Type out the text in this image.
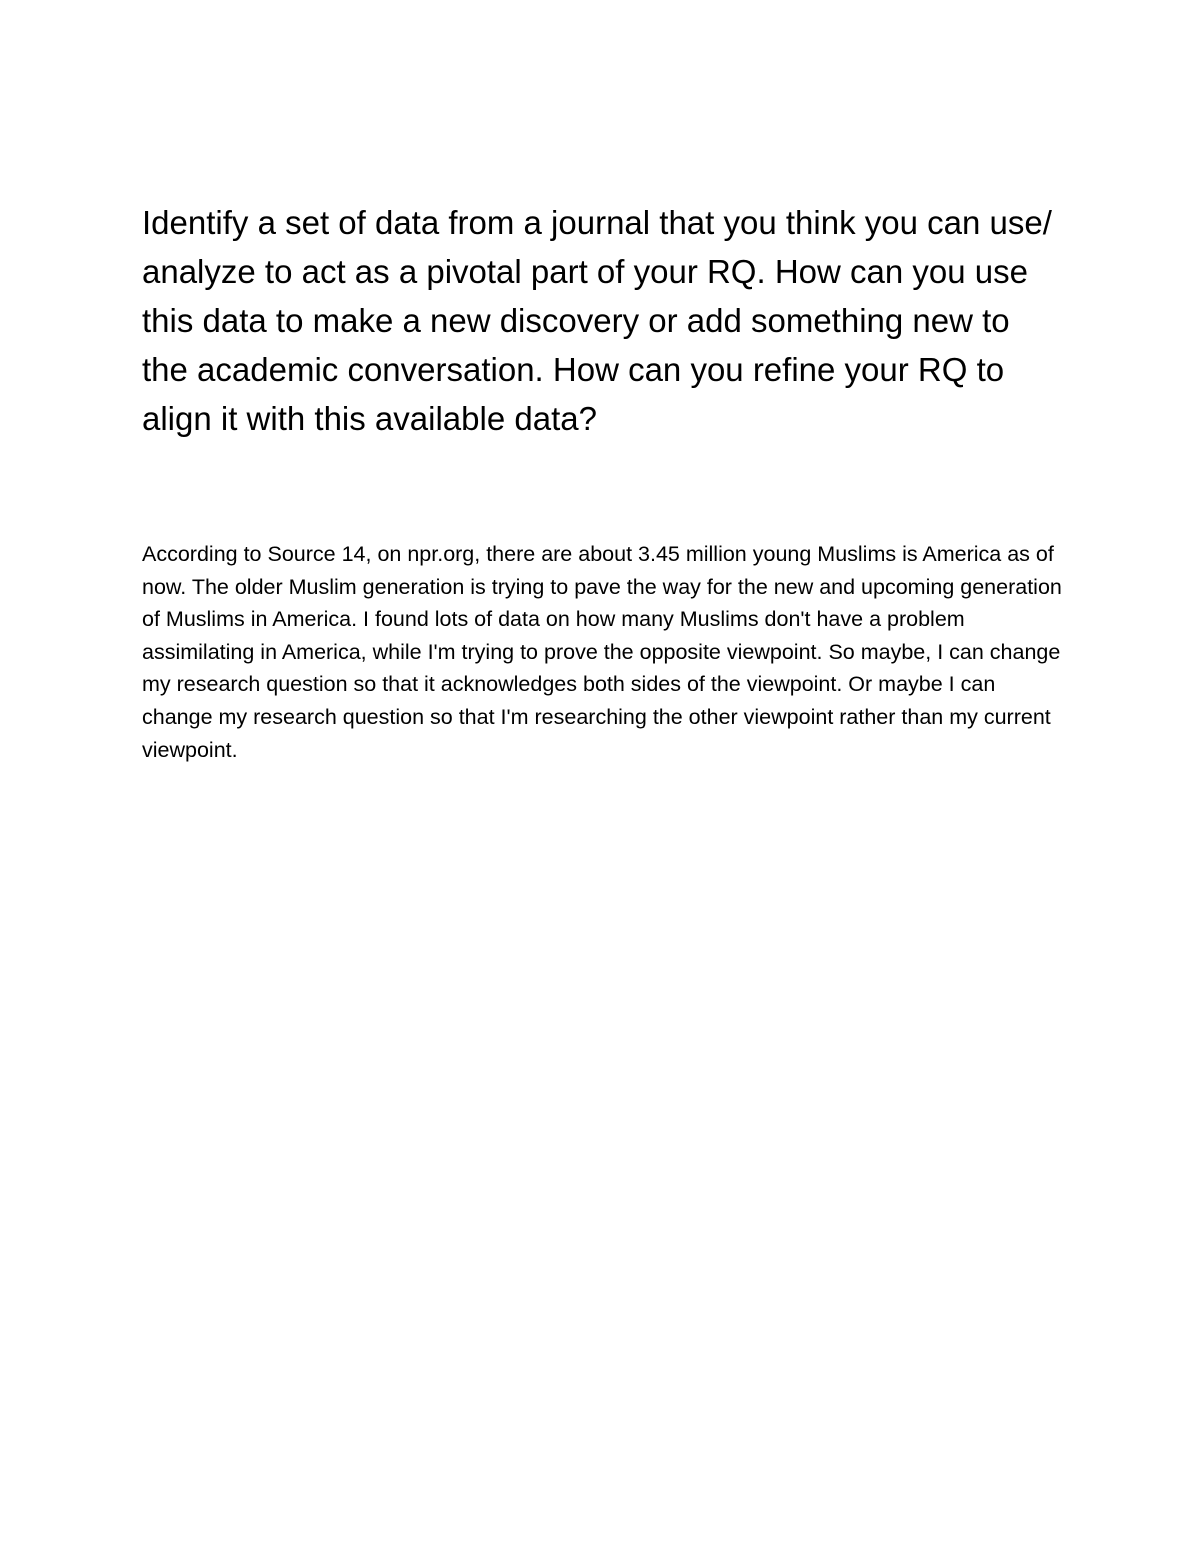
Identify a set of data from a journal that you think you can use/ analyze to act as a pivotal part of your RQ. How can you use this data to make a new discovery or add something new to the academic conversation. How can you refine your RQ to align it with this available data?

According to Source 14, on npr.org, there are about 3.45 million young Muslims is America as of now. The older Muslim generation is trying to pave the way for the new and upcoming generation of Muslims in America. I found lots of data on how many Muslims don't have a problem assimilating in America, while I'm trying to prove the opposite viewpoint. So maybe, I can change my research question so that it acknowledges both sides of the viewpoint. Or maybe I can change my research question so that I'm researching the other viewpoint rather than my current viewpoint.
